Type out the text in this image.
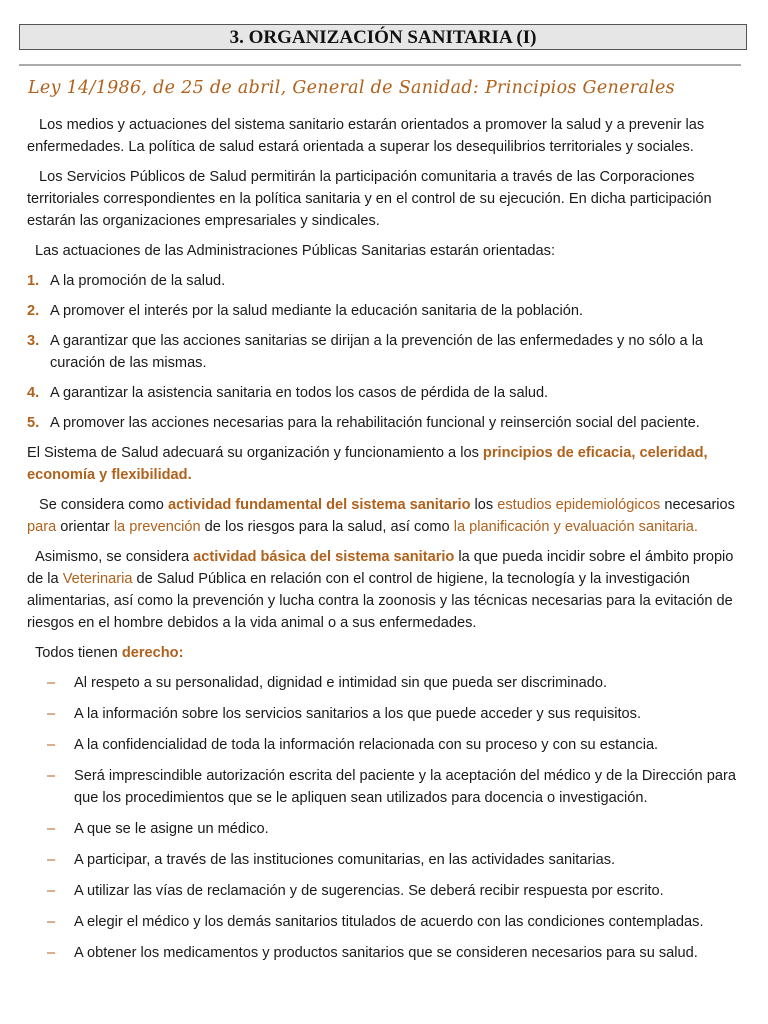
3. ORGANIZACIÓN SANITARIA (I)
Ley 14/1986, de 25 de abril, General de Sanidad: Principios Generales

Los medios y actuaciones del sistema sanitario estarán orientados a promover la salud y a prevenir las enfermedades. La política de salud estará orientada a superar los desequilibrios territoriales y sociales.

Los Servicios Públicos de Salud permitirán la participación comunitaria a través de las Corporaciones territoriales correspondientes en la política sanitaria y en el control de su ejecución. En dicha participación estarán las organizaciones empresariales y sindicales.

Las actuaciones de las Administraciones Públicas Sanitarias estarán orientadas:

1. A la promoción de la salud.
2. A promover el interés por la salud mediante la educación sanitaria de la población.
3. A garantizar que las acciones sanitarias se dirijan a la prevención de las enfermedades y no sólo a la curación de las mismas.
4. A garantizar la asistencia sanitaria en todos los casos de pérdida de la salud.
5. A promover las acciones necesarias para la rehabilitación funcional y reinserción social del paciente.

El Sistema de Salud adecuará su organización y funcionamiento a los principios de eficacia, celeridad, economía y flexibilidad.

Se considera como actividad fundamental del sistema sanitario los estudios epidemiológicos necesarios para orientar la prevención de los riesgos para la salud, así como la planificación y evaluación sanitaria.

Asimismo, se considera actividad básica del sistema sanitario la que pueda incidir sobre el ámbito propio de la Veterinaria de Salud Pública en relación con el control de higiene, la tecnología y la investigación alimentarias, así como la prevención y lucha contra la zoonosis y las técnicas necesarias para la evitación de riesgos en el hombre debidos a la vida animal o a sus enfermedades.

Todos tienen derecho:

– Al respeto a su personalidad, dignidad e intimidad sin que pueda ser discriminado.
– A la información sobre los servicios sanitarios a los que puede acceder y sus requisitos.
– A la confidencialidad de toda la información relacionada con su proceso y con su estancia.
– Será imprescindible autorización escrita del paciente y la aceptación del médico y de la Dirección para que los procedimientos que se le apliquen sean utilizados para docencia o investigación.
– A que se le asigne un médico.
– A participar, a través de las instituciones comunitarias, en las actividades sanitarias.
– A utilizar las vías de reclamación y de sugerencias. Se deberá recibir respuesta por escrito.
– A elegir el médico y los demás sanitarios titulados de acuerdo con las condiciones contempladas.
– A obtener los medicamentos y productos sanitarios que se consideren necesarios para su salud.
